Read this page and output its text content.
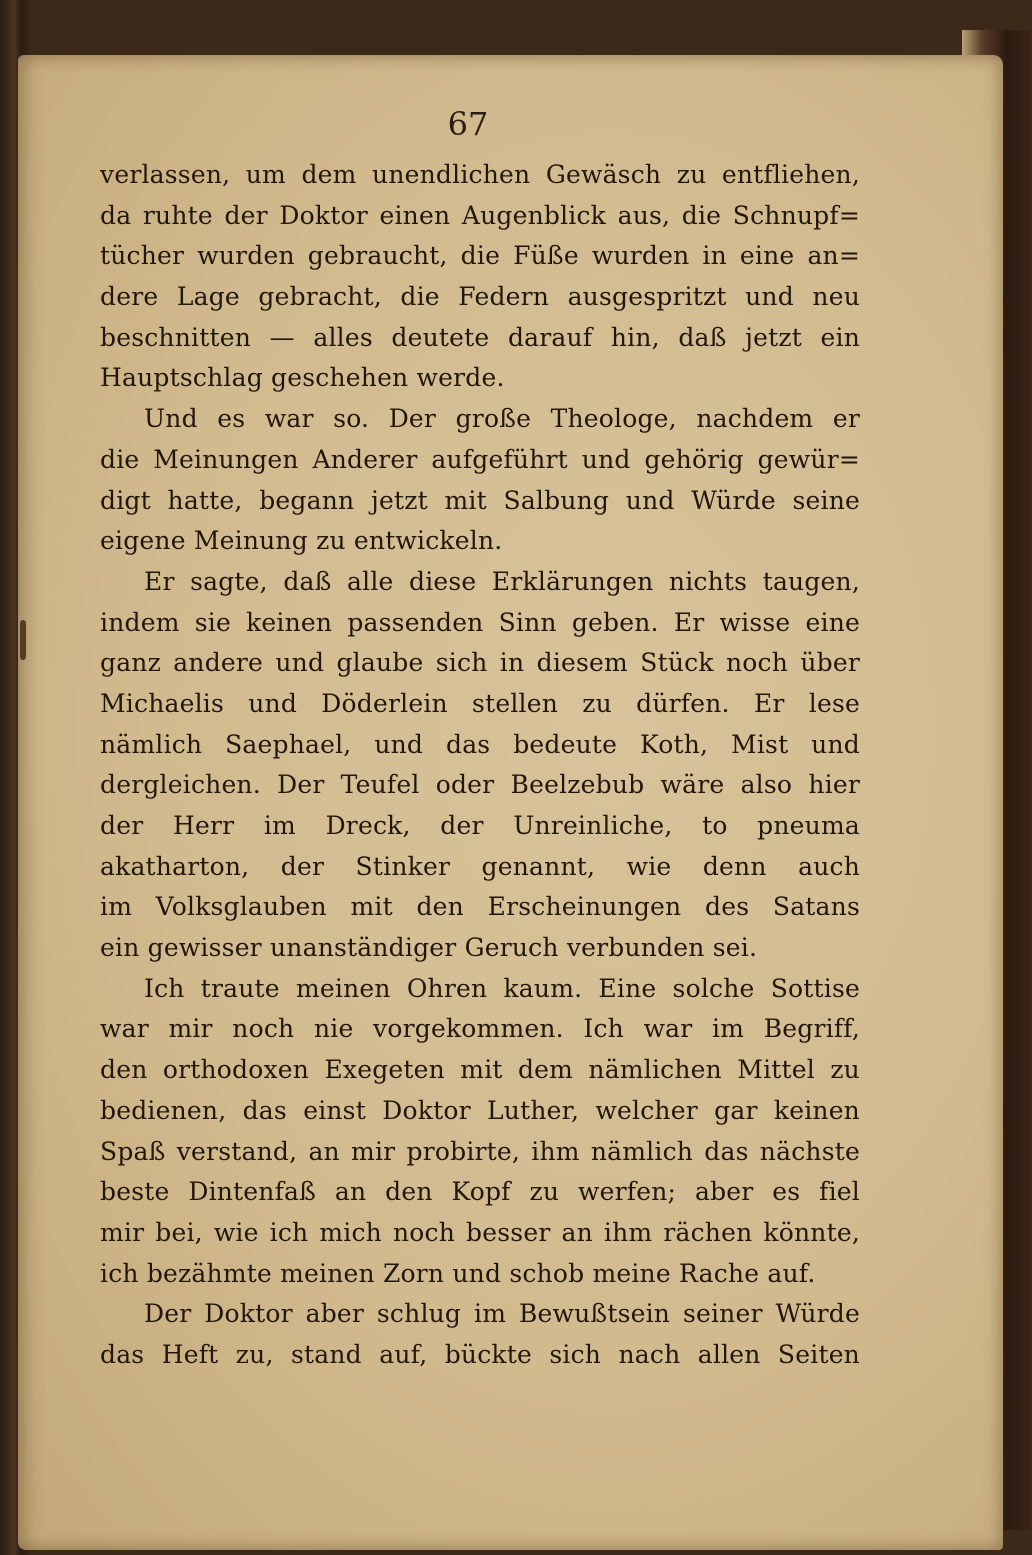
67
verlassen, um dem unendlichen Gewäsch zu entfliehen,
da ruhte der Doktor einen Augenblick aus, die Schnupf=
tücher wurden gebraucht, die Füße wurden in eine an=
dere Lage gebracht, die Federn ausgespritzt und neu
beschnitten — alles deutete darauf hin, daß jetzt ein
Hauptschlag geschehen werde.
Und es war so. Der große Theologe, nachdem er
die Meinungen Anderer aufgeführt und gehörig gewür=
digt hatte, begann jetzt mit Salbung und Würde seine
eigene Meinung zu entwickeln.
Er sagte, daß alle diese Erklärungen nichts taugen,
indem sie keinen passenden Sinn geben. Er wisse eine
ganz andere und glaube sich in diesem Stück noch über
Michaelis und Döderlein stellen zu dürfen. Er lese
nämlich Saephael, und das bedeute Koth, Mist und
dergleichen. Der Teufel oder Beelzebub wäre also hier
der Herr im Dreck, der Unreinliche, to pneuma
akatharton, der Stinker genannt, wie denn auch
im Volksglauben mit den Erscheinungen des Satans
ein gewisser unanständiger Geruch verbunden sei.
Ich traute meinen Ohren kaum. Eine solche Sottise
war mir noch nie vorgekommen. Ich war im Begriff,
den orthodoxen Exegeten mit dem nämlichen Mittel zu
bedienen, das einst Doktor Luther, welcher gar keinen
Spaß verstand, an mir probirte, ihm nämlich das nächste
beste Dintenfaß an den Kopf zu werfen; aber es fiel
mir bei, wie ich mich noch besser an ihm rächen könnte,
ich bezähmte meinen Zorn und schob meine Rache auf.
Der Doktor aber schlug im Bewußtsein seiner Würde
das Heft zu, stand auf, bückte sich nach allen Seiten
